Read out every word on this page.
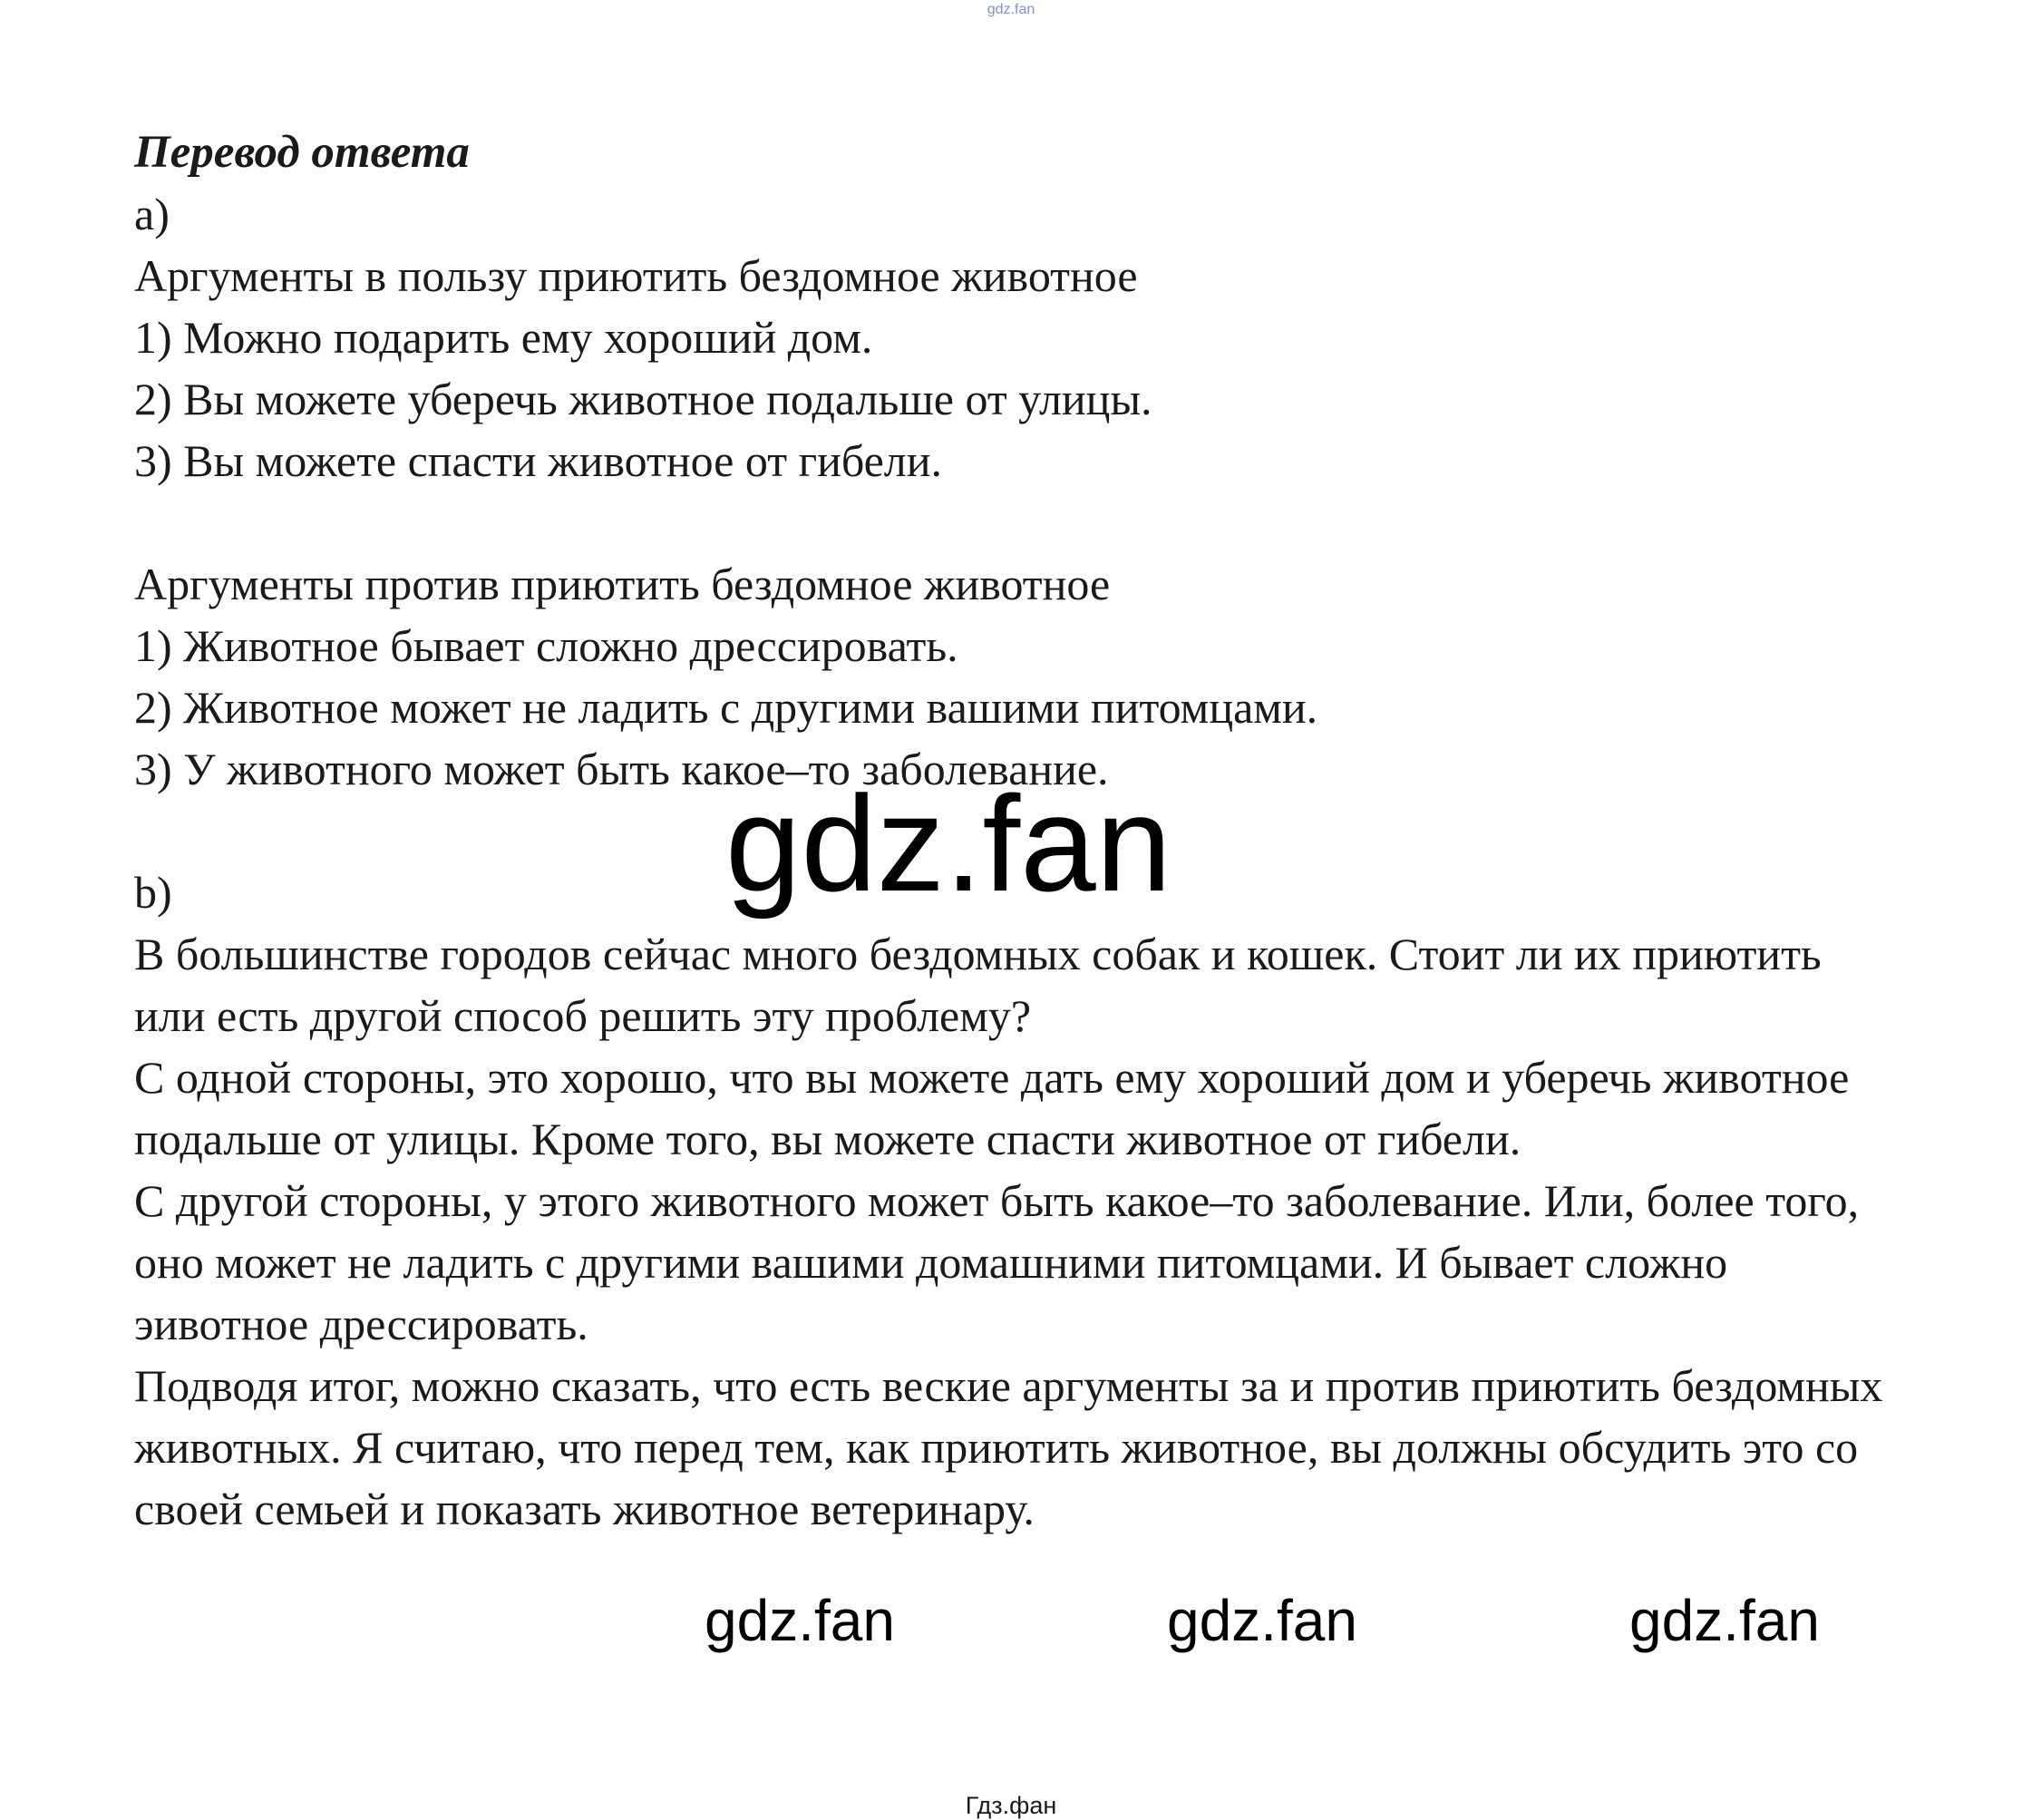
gdz.fan

Перевод ответа

a)

Аргументы в пользу приютить бездомное животное

1) Можно подарить ему хороший дом.

2) Вы можете уберечь животное подальше от улицы.

3) Вы можете спасти животное от гибели.

Аргументы против приютить бездомное животное

1) Животное бывает сложно дрессировать.

2) Животное может не ладить с другими вашими питомцами.

3) У животного может быть какое–то заболевание.

b)

В большинстве городов сейчас много бездомных собак и кошек. Стоит ли их приютить или есть другой способ решить эту проблему?

С одной стороны, это хорошо, что вы можете дать ему хороший дом и уберечь животное подальше от улицы. Кроме того, вы можете спасти животное от гибели.

С другой стороны, у этого животного может быть какое–то заболевание. Или, более того, оно может не ладить с другими вашими домашними питомцами. И бывает сложно эивотное дрессировать.

Подводя итог, можно сказать, что есть веские аргументы за и против приютить бездомных животных. Я считаю, что перед тем, как приютить животное, вы должны обсудить это со своей семьей и показать животное ветеринару.

gdz.fan
gdz.fan	gdz.fan	gdz.fan
Гдз.фан
